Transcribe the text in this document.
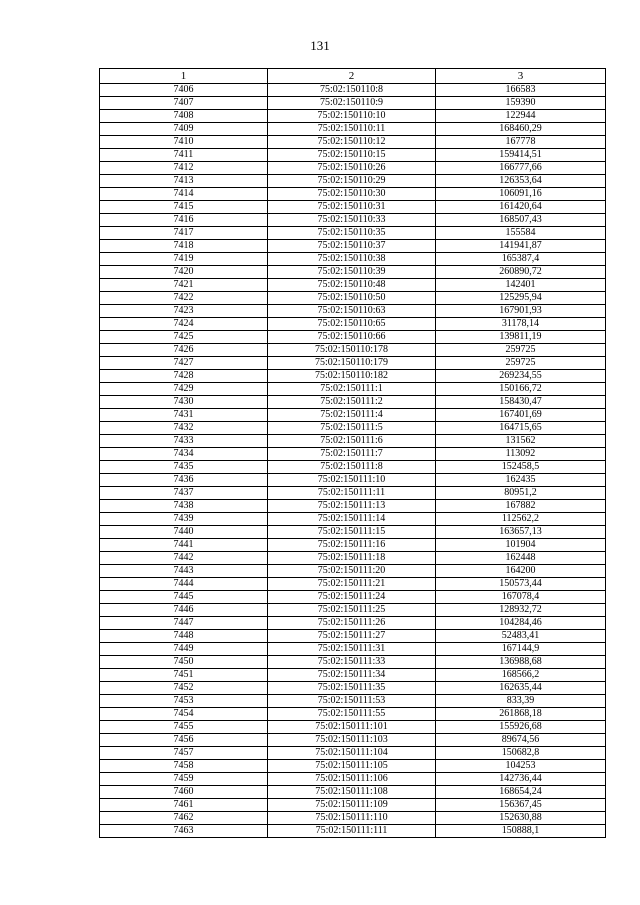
131
1	2	3
7406	75:02:150110:8	166583
7407	75:02:150110:9	159390
7408	75:02:150110:10	122944
7409	75:02:150110:11	168460,29
7410	75:02:150110:12	167778
7411	75:02:150110:15	159414,51
7412	75:02:150110:26	166777,66
7413	75:02:150110:29	126353,64
7414	75:02:150110:30	106091,16
7415	75:02:150110:31	161420,64
7416	75:02:150110:33	168507,43
7417	75:02:150110:35	155584
7418	75:02:150110:37	141941,87
7419	75:02:150110:38	165387,4
7420	75:02:150110:39	260890,72
7421	75:02:150110:48	142401
7422	75:02:150110:50	125295,94
7423	75:02:150110:63	167901,93
7424	75:02:150110:65	31178,14
7425	75:02:150110:66	139811,19
7426	75:02:150110:178	259725
7427	75:02:150110:179	259725
7428	75:02:150110:182	269234,55
7429	75:02:150111:1	150166,72
7430	75:02:150111:2	158430,47
7431	75:02:150111:4	167401,69
7432	75:02:150111:5	164715,65
7433	75:02:150111:6	131562
7434	75:02:150111:7	113092
7435	75:02:150111:8	152458,5
7436	75:02:150111:10	162435
7437	75:02:150111:11	80951,2
7438	75:02:150111:13	167882
7439	75:02:150111:14	112562,2
7440	75:02:150111:15	163657,13
7441	75:02:150111:16	101904
7442	75:02:150111:18	162448
7443	75:02:150111:20	164200
7444	75:02:150111:21	150573,44
7445	75:02:150111:24	167078,4
7446	75:02:150111:25	128932,72
7447	75:02:150111:26	104284,46
7448	75:02:150111:27	52483,41
7449	75:02:150111:31	167144,9
7450	75:02:150111:33	136988,68
7451	75:02:150111:34	168566,2
7452	75:02:150111:35	162635,44
7453	75:02:150111:53	833,39
7454	75:02:150111:55	261868,18
7455	75:02:150111:101	155926,68
7456	75:02:150111:103	89674,56
7457	75:02:150111:104	150682,8
7458	75:02:150111:105	104253
7459	75:02:150111:106	142736,44
7460	75:02:150111:108	168654,24
7461	75:02:150111:109	156367,45
7462	75:02:150111:110	152630,88
7463	75:02:150111:111	150888,1
